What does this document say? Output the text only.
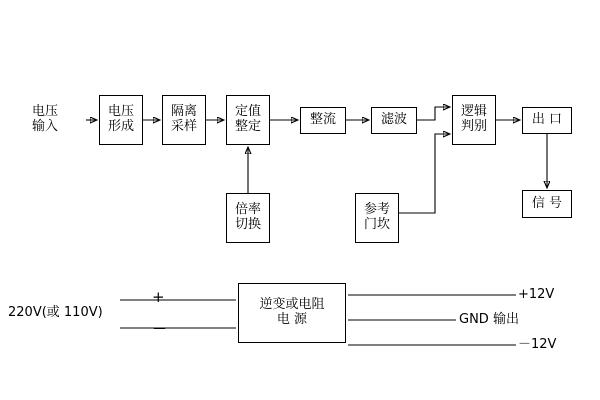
电压
输入
电压
形成
隔离
采样
定值
整定	整流	滤波
逻辑
判别	出 口
倍率
切换
参考
门坎
信 号
220V(或 110V)
+
－
逆变或电阻
电 源
+12V
GND 输出
－12V
